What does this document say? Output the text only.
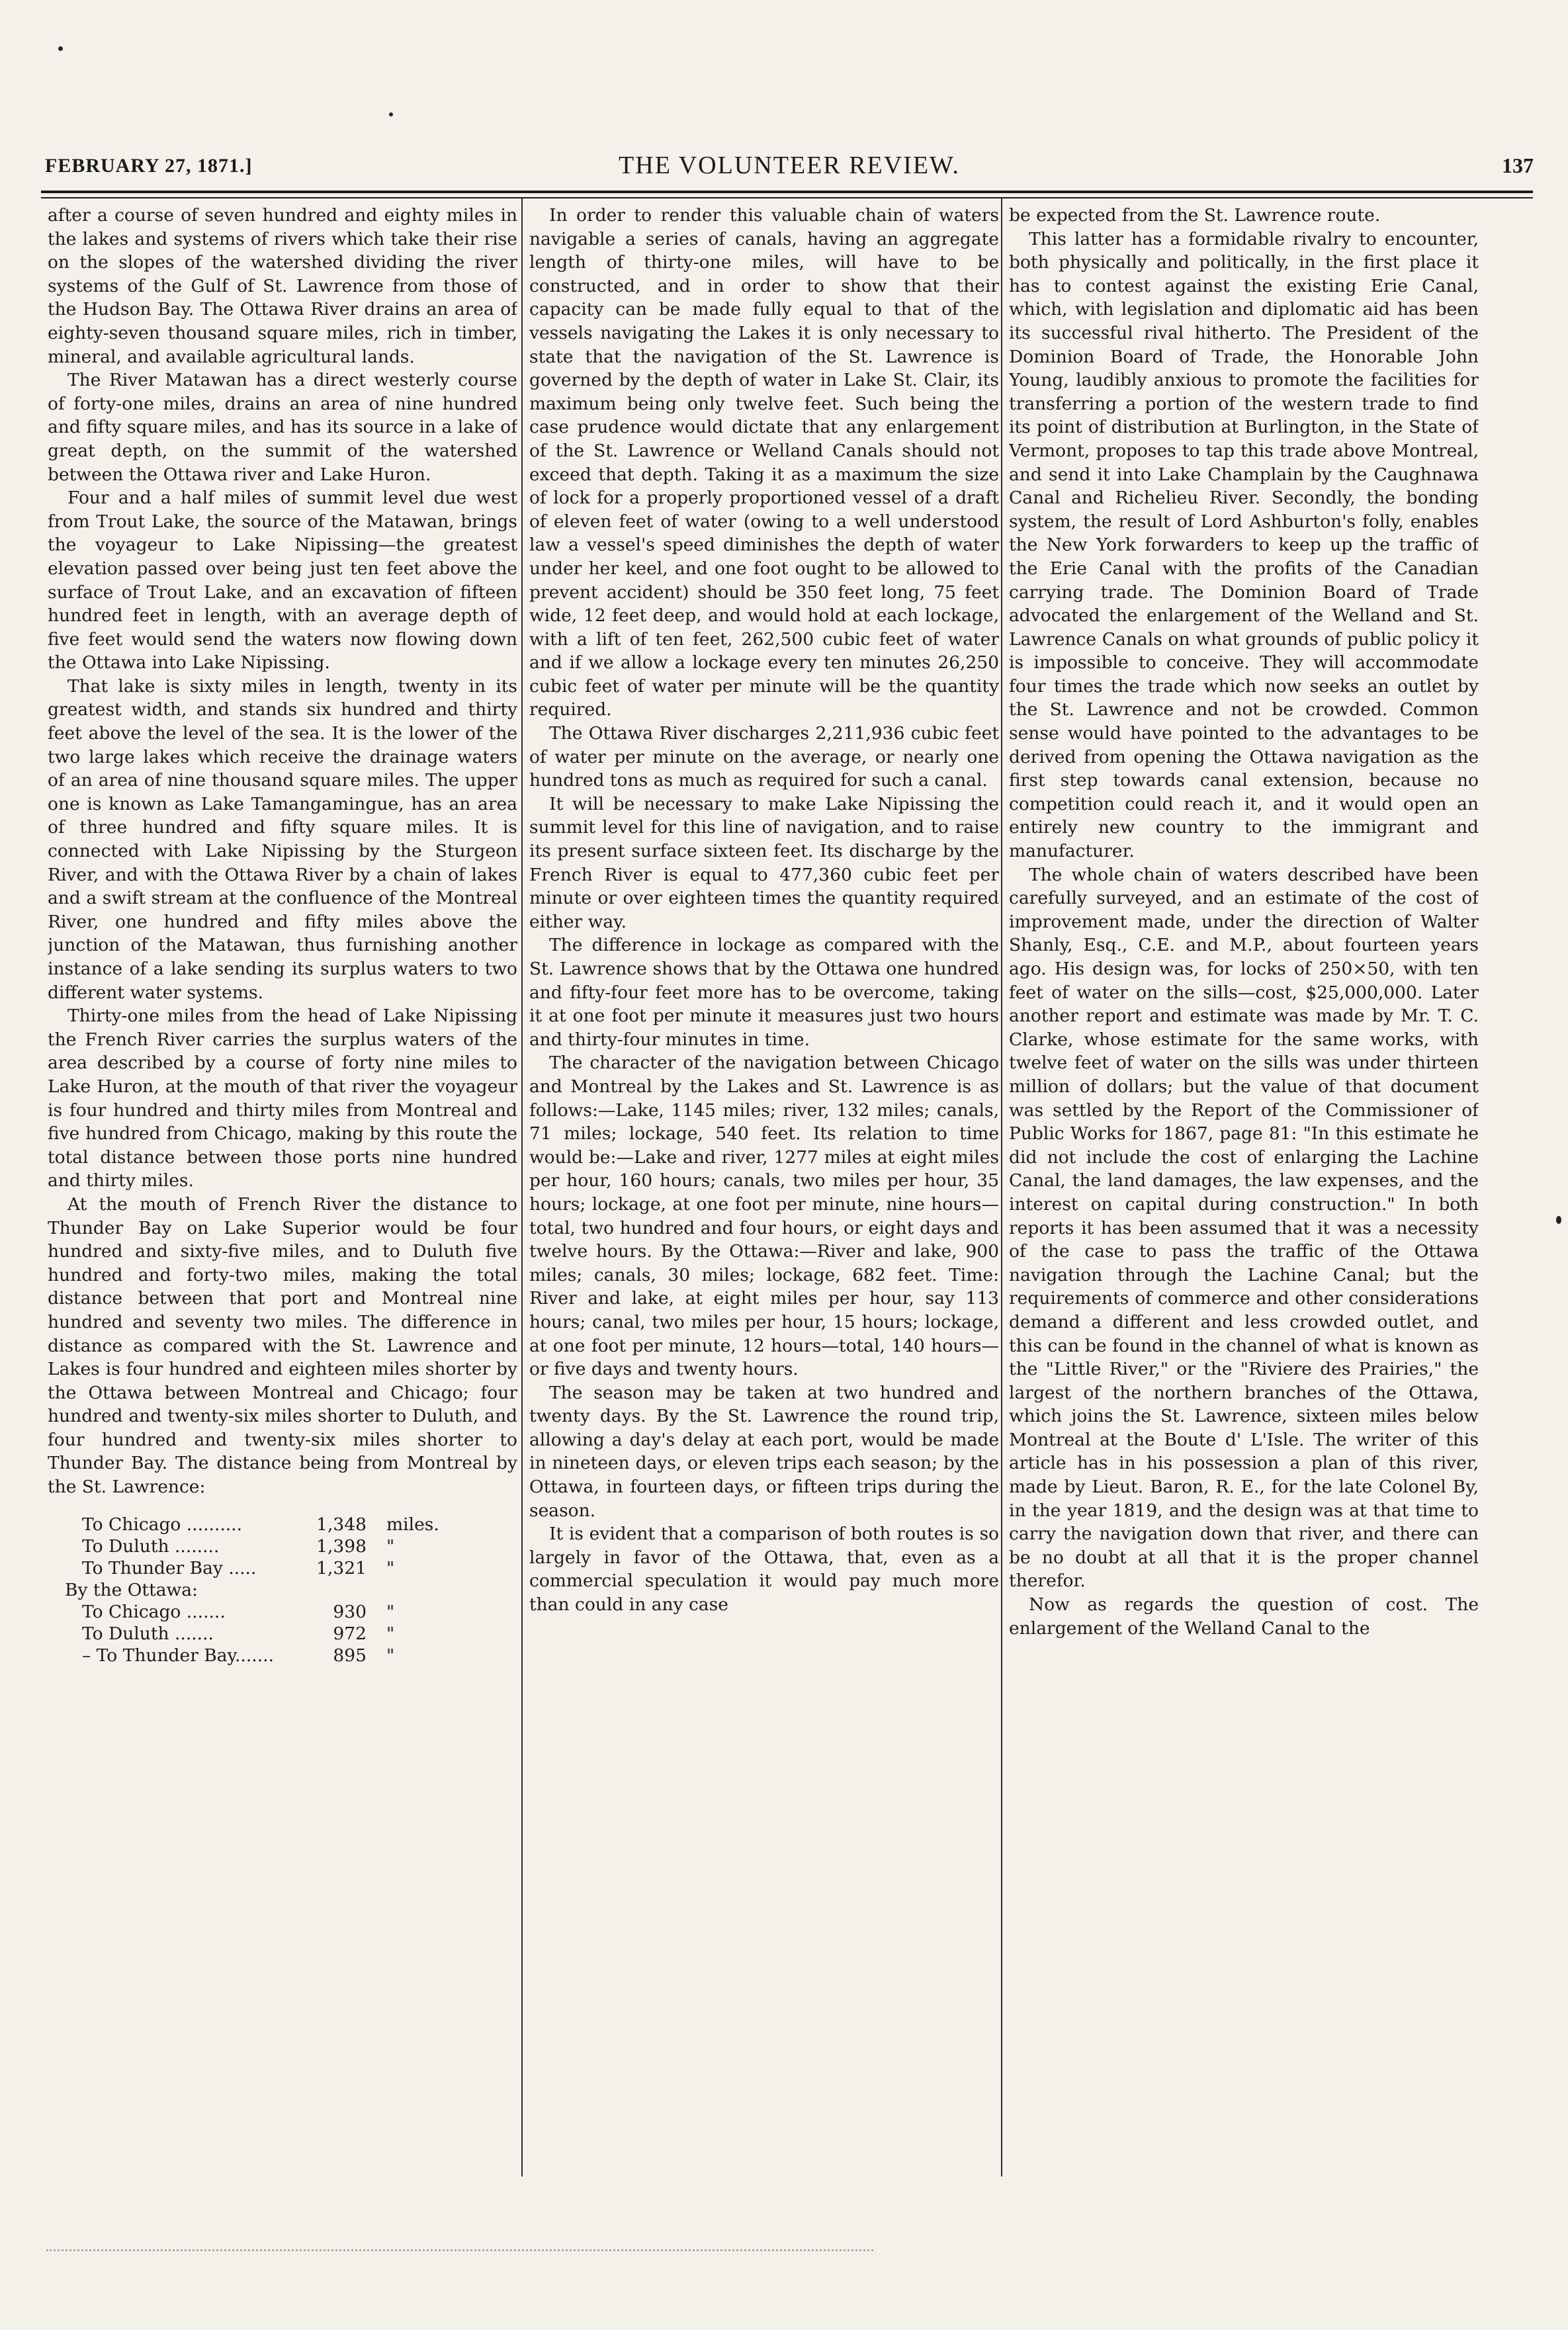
FEBRUARY 27, 1871.]	THE VOLUNTEER REVIEW.	137

after a course of seven hundred and eighty miles in the lakes and systems of rivers which take their rise on the slopes of the watershed dividing the river systems of the Gulf of St. Lawrence from those of the Hudson Bay. The Ottawa River drains an area of eighty-seven thousand square miles, rich in timber, mineral, and available agricultural lands.

The River Matawan has a direct westerly course of forty-one miles, drains an area of nine hundred and fifty square miles, and has its source in a lake of great depth, on the summit of the watershed between the Ottawa river and Lake Huron.

Four and a half miles of summit level due west from Trout Lake, the source of the Matawan, brings the voyageur to Lake Nipissing—the greatest elevation passed over being just ten feet above the surface of Trout Lake, and an excavation of fifteen hundred feet in length, with an average depth of five feet would send the waters now flowing down the Ottawa into Lake Nipissing.

That lake is sixty miles in length, twenty in its greatest width, and stands six hundred and thirty feet above the level of the sea. It is the lower of the two large lakes which receive the drainage waters of an area of nine thousand square miles. The upper one is known as Lake Tamangamingue, has an area of three hundred and fifty square miles. It is connected with Lake Nipissing by the Sturgeon River, and with the Ottawa River by a chain of lakes and a swift stream at the confluence of the Montreal River, one hundred and fifty miles above the junction of the Matawan, thus furnishing another instance of a lake sending its surplus waters to two different water systems.

Thirty-one miles from the head of Lake Nipissing the French River carries the surplus waters of the area described by a course of forty nine miles to Lake Huron, at the mouth of that river the voyageur is four hundred and thirty miles from Montreal and five hundred from Chicago, making by this route the total distance between those ports nine hundred and thirty miles.

At the mouth of French River the distance to Thunder Bay on Lake Superior would be four hundred and sixty-five miles, and to Duluth five hundred and forty-two miles, making the total distance between that port and Montreal nine hundred and seventy two miles. The difference in distance as compared with the St. Lawrence and Lakes is four hundred and eighteen miles shorter by the Ottawa between Montreal and Chicago; four hundred and twenty-six miles shorter to Duluth, and four hundred and twenty-six miles shorter to Thunder Bay. The distance being from Montreal by the St. Lawrence:

To Chicago ..........	1,348	miles.
To Duluth ........	1,398	"
To Thunder Bay .....	1,321	"
By the Ottawa:
To Chicago .......	930	"
To Duluth .......	972	"
– To Thunder Bay.......	895	"

In order to render this valuable chain of waters navigable a series of canals, having an aggregate length of thirty-one miles, will have to be constructed, and in order to show that their capacity can be made fully equal to that of the vessels navigating the Lakes it is only necessary to state that the navigation of the St. Lawrence is governed by the depth of water in Lake St. Clair, its maximum being only twelve feet. Such being the case prudence would dictate that any enlargement of the St. Lawrence or Welland Canals should not exceed that depth. Taking it as a maximum the size of lock for a properly proportioned vessel of a draft of eleven feet of water (owing to a well understood law a vessel's speed diminishes the depth of water under her keel, and one foot ought to be allowed to prevent accident) should be 350 feet long, 75 feet wide, 12 feet deep, and would hold at each lockage, with a lift of ten feet, 262,500 cubic feet of water and if we allow a lockage every ten minutes 26,250 cubic feet of water per minute will be the quantity required.

The Ottawa River discharges 2,211,936 cubic feet of water per minute on the average, or nearly one hundred tons as much as required for such a canal.

It will be necessary to make Lake Nipissing the summit level for this line of navigation, and to raise its present surface sixteen feet. Its discharge by the French River is equal to 477,360 cubic feet per minute or over eighteen times the quantity required either way.

The difference in lockage as compared with the St. Lawrence shows that by the Ottawa one hundred and fifty-four feet more has to be overcome, taking it at one foot per minute it measures just two hours and thirty-four minutes in time.

The character of the navigation between Chicago and Montreal by the Lakes and St. Lawrence is as follows:—Lake, 1145 miles; river, 132 miles; canals, 71 miles; lockage, 540 feet. Its relation to time would be:—Lake and river, 1277 miles at eight miles per hour, 160 hours; canals, two miles per hour, 35 hours; lockage, at one foot per minute, nine hours—total, two hundred and four hours, or eight days and twelve hours. By the Ottawa:—River and lake, 900 miles; canals, 30 miles; lockage, 682 feet. Time: River and lake, at eight miles per hour, say 113 hours; canal, two miles per hour, 15 hours; lockage, at one foot per minute, 12 hours—total, 140 hours—or five days and twenty hours.

The season may be taken at two hundred and twenty days. By the St. Lawrence the round trip, allowing a day's delay at each port, would be made in nineteen days, or eleven trips each season; by the Ottawa, in fourteen days, or fifteen trips during the season.

It is evident that a comparison of both routes is so largely in favor of the Ottawa, that, even as a commercial speculation it would pay much more than could in any case

be expected from the St. Lawrence route.

This latter has a formidable rivalry to encounter, both physically and politically, in the first place it has to contest against the existing Erie Canal, which, with legislation and diplomatic aid has been its successful rival hitherto. The President of the Dominion Board of Trade, the Honorable John Young, laudibly anxious to promote the facilities for transferring a portion of the western trade to find its point of distribution at Burlington, in the State of Vermont, proposes to tap this trade above Montreal, and send it into Lake Champlain by the Caughnawa Canal and Richelieu River. Secondly, the bonding system, the result of Lord Ashburton's folly, enables the New York forwarders to keep up the traffic of the Erie Canal with the profits of the Canadian carrying trade. The Dominion Board of Trade advocated the enlargement of the Welland and St. Lawrence Canals on what grounds of public policy it is impossible to conceive. They will accommodate four times the trade which now seeks an outlet by the St. Lawrence and not be crowded. Common sense would have pointed to the advantages to be derived from opening the Ottawa navigation as the first step towards canal extension, because no competition could reach it, and it would open an entirely new country to the immigrant and manufacturer.

The whole chain of waters described have been carefully surveyed, and an estimate of the cost of improvement made, under the direction of Walter Shanly, Esq., C.E. and M.P., about fourteen years ago. His design was, for locks of 250×50, with ten feet of water on the sills—cost, $25,000,000. Later another report and estimate was made by Mr. T. C. Clarke, whose estimate for the same works, with twelve feet of water on the sills was under thirteen million of dollars; but the value of that document was settled by the Report of the Commissioner of Public Works for 1867, page 81: "In this estimate he did not include the cost of enlarging the Lachine Canal, the land damages, the law expenses, and the interest on capital during construction." In both reports it has been assumed that it was a necessity of the case to pass the traffic of the Ottawa navigation through the Lachine Canal; but the requirements of commerce and other considerations demand a different and less crowded outlet, and this can be found in the channel of what is known as the "Little River," or the "Riviere des Prairies," the largest of the northern branches of the Ottawa, which joins the St. Lawrence, sixteen miles below Montreal at the Boute d' L'Isle. The writer of this article has in his possession a plan of this river, made by Lieut. Baron, R. E., for the late Colonel By, in the year 1819, and the design was at that time to carry the navigation down that river, and there can be no doubt at all that it is the proper channel therefor.

Now as regards the question of cost. The enlargement of the Welland Canal to the
